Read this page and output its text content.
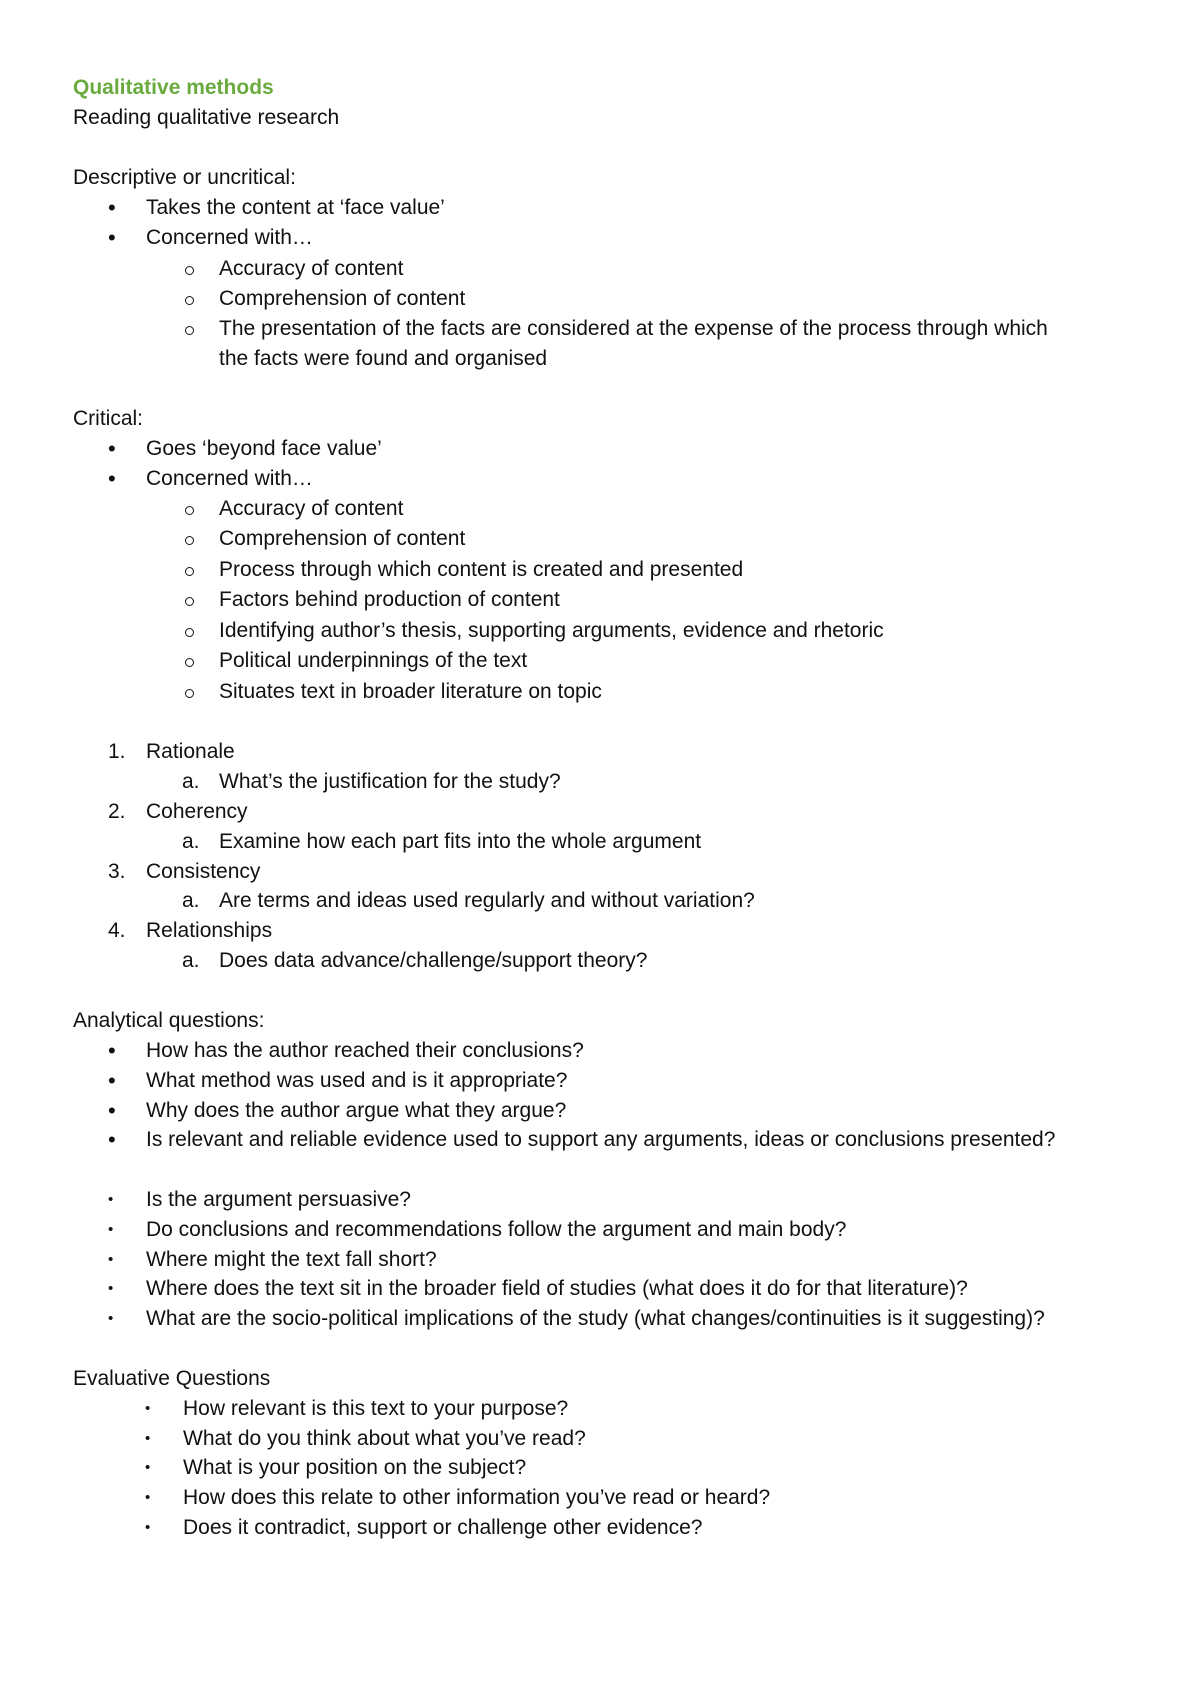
Qualitative methods
Reading qualitative research
Descriptive or uncritical:
• Takes the content at ‘face value’
• Concerned with…
Accuracy of content
Comprehension of content
The presentation of the facts are considered at the expense of the process through which
the facts were found and organised
Critical:
• Goes ‘beyond face value’
• Concerned with…
Accuracy of content
Comprehension of content
Process through which content is created and presented
Factors behind production of content
Identifying author’s thesis, supporting arguments, evidence and rhetoric
Political underpinnings of the text
Situates text in broader literature on topic
1. Rationale
a. What’s the justification for the study?
2. Coherency
a. Examine how each part fits into the whole argument
3. Consistency
a. Are terms and ideas used regularly and without variation?
4. Relationships
a. Does data advance/challenge/support theory?
Analytical questions:
• How has the author reached their conclusions?
• What method was used and is it appropriate?
• Why does the author argue what they argue?
• Is relevant and reliable evidence used to support any arguments, ideas or conclusions presented?
• Is the argument persuasive?
• Do conclusions and recommendations follow the argument and main body?
• Where might the text fall short?
• Where does the text sit in the broader field of studies (what does it do for that literature)?
• What are the socio-political implications of the study (what changes/continuities is it suggesting)?
Evaluative Questions
• How relevant is this text to your purpose?
• What do you think about what you’ve read?
• What is your position on the subject?
• How does this relate to other information you’ve read or heard?
• Does it contradict, support or challenge other evidence?
